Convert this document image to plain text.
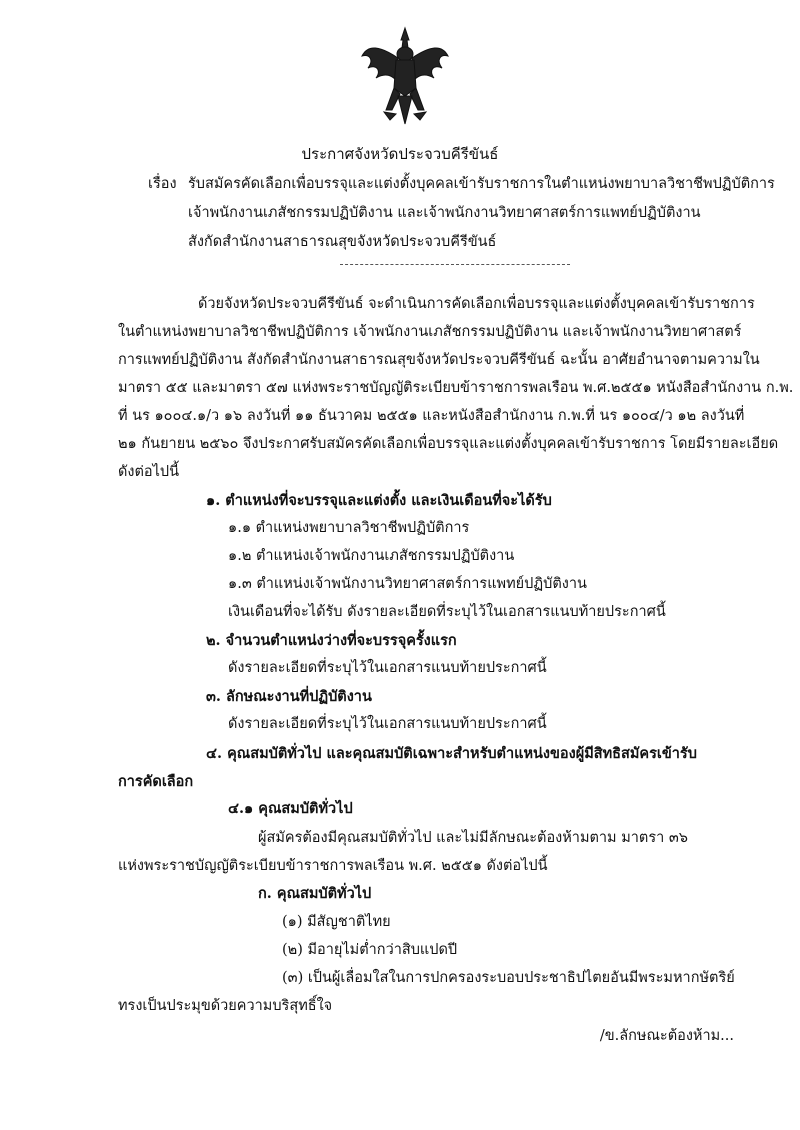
ประกาศจังหวัดประจวบคีรีขันธ์
เรื่อง รับสมัครคัดเลือกเพื่อบรรจุและแต่งตั้งบุคคลเข้ารับราชการในตำแหน่งพยาบาลวิชาชีพปฏิบัติการ
เจ้าพนักงานเภสัชกรรมปฏิบัติงาน และเจ้าพนักงานวิทยาศาสตร์การแพทย์ปฏิบัติงาน
สังกัดสำนักงานสาธารณสุขจังหวัดประจวบคีรีขันธ์
ด้วยจังหวัดประจวบคีรีขันธ์ จะดำเนินการคัดเลือกเพื่อบรรจุและแต่งตั้งบุคคลเข้ารับราชการ
ในตำแหน่งพยาบาลวิชาชีพปฏิบัติการ เจ้าพนักงานเภสัชกรรมปฏิบัติงาน และเจ้าพนักงานวิทยาศาสตร์
การแพทย์ปฏิบัติงาน สังกัดสำนักงานสาธารณสุขจังหวัดประจวบคีรีขันธ์ ฉะนั้น อาศัยอำนาจตามความใน
มาตรา ๕๕ และมาตรา ๕๗ แห่งพระราชบัญญัติระเบียบข้าราชการพลเรือน พ.ศ.๒๕๕๑ หนังสือสำนักงาน ก.พ.
ที่ นร ๑๐๐๔.๑/ว ๑๖ ลงวันที่ ๑๑ ธันวาคม ๒๕๕๑ และหนังสือสำนักงาน ก.พ.ที่ นร ๑๐๐๔/ว ๑๒ ลงวันที่
๒๑ กันยายน ๒๕๖๐ จึงประกาศรับสมัครคัดเลือกเพื่อบรรจุและแต่งตั้งบุคคลเข้ารับราชการ โดยมีรายละเอียด
ดังต่อไปนี้
๑. ตำแหน่งที่จะบรรจุและแต่งตั้ง และเงินเดือนที่จะได้รับ
๑.๑ ตำแหน่งพยาบาลวิชาชีพปฏิบัติการ
๑.๒ ตำแหน่งเจ้าพนักงานเภสัชกรรมปฏิบัติงาน
๑.๓ ตำแหน่งเจ้าพนักงานวิทยาศาสตร์การแพทย์ปฏิบัติงาน
เงินเดือนที่จะได้รับ ดังรายละเอียดที่ระบุไว้ในเอกสารแนบท้ายประกาศนี้
๒. จำนวนตำแหน่งว่างที่จะบรรจุครั้งแรก
ดังรายละเอียดที่ระบุไว้ในเอกสารแนบท้ายประกาศนี้
๓. ลักษณะงานที่ปฏิบัติงาน
ดังรายละเอียดที่ระบุไว้ในเอกสารแนบท้ายประกาศนี้
๔. คุณสมบัติทั่วไป และคุณสมบัติเฉพาะสำหรับตำแหน่งของผู้มีสิทธิสมัครเข้ารับ
การคัดเลือก
๔.๑ คุณสมบัติทั่วไป
ผู้สมัครต้องมีคุณสมบัติทั่วไป และไม่มีลักษณะต้องห้ามตาม มาตรา ๓๖
แห่งพระราชบัญญัติระเบียบข้าราชการพลเรือน พ.ศ. ๒๕๕๑ ดังต่อไปนี้
ก. คุณสมบัติทั่วไป
(๑) มีสัญชาติไทย
(๒) มีอายุไม่ต่ำกว่าสิบแปดปี
(๓) เป็นผู้เลื่อมใสในการปกครองระบอบประชาธิปไตยอันมีพระมหากษัตริย์
ทรงเป็นประมุขด้วยความบริสุทธิ์ใจ
/ข.ลักษณะต้องห้าม...
